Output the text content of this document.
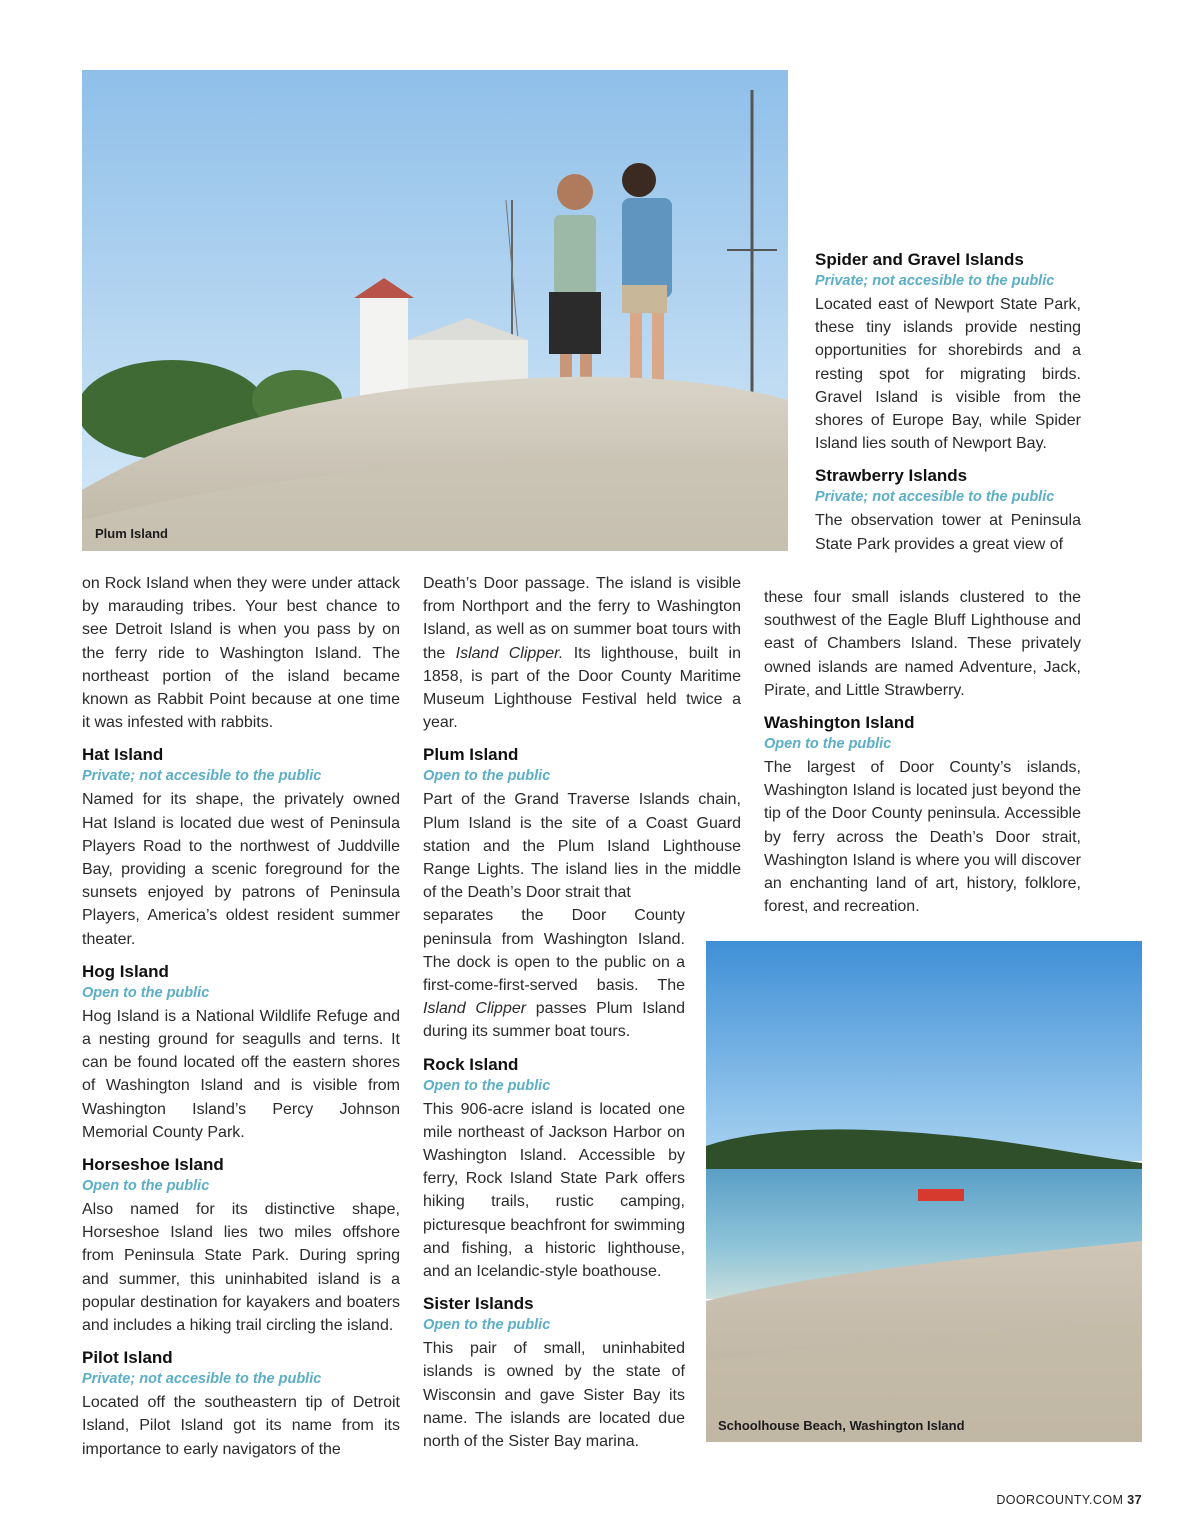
Plum Island

on Rock Island when they were under attack by marauding tribes. Your best chance to see Detroit Island is when you pass by on the ferry ride to Washington Island. The northeast portion of the island became known as Rabbit Point because at one time it was infested with rabbits.

Hat Island
Private; not accesible to the public

Named for its shape, the privately owned Hat Island is located due west of Peninsula Players Road to the northwest of Juddville Bay, providing a scenic foreground for the sunsets enjoyed by patrons of Peninsula Players, America’s oldest resident summer theater.

Hog Island
Open to the public

Hog Island is a National Wildlife Refuge and a nesting ground for seagulls and terns. It can be found located off the eastern shores of Washington Island and is visible from Washington Island’s Percy Johnson Memorial County Park.

Horseshoe Island
Open to the public

Also named for its distinctive shape, Horseshoe Island lies two miles offshore from Peninsula State Park. During spring and summer, this uninhabited island is a popular destination for kayakers and boaters and includes a hiking trail circling the island.

Pilot Island
Private; not accesible to the public

Located off the southeastern tip of Detroit Island, Pilot Island got its name from its importance to early navigators of the

Death’s Door passage. The island is visible from Northport and the ferry to Washington Island, as well as on summer boat tours with the Island Clipper. Its lighthouse, built in 1858, is part of the Door County Maritime Museum Lighthouse Festival held twice a year.

Plum Island
Open to the public

Part of the Grand Traverse Islands chain, Plum Island is the site of a Coast Guard station and the Plum Island Lighthouse Range Lights. The island lies in the middle of the Death’s Door strait that

separates the Door County peninsula from Washington Island. The dock is open to the public on a first-come-first-served basis. The Island Clipper passes Plum Island during its summer boat tours.

Rock Island
Open to the public

This 906-acre island is located one mile northeast of Jackson Harbor on Washington Island. Accessible by ferry, Rock Island State Park offers hiking trails, rustic camping, picturesque beachfront for swimming and fishing, a historic lighthouse, and an Icelandic-style boathouse.

Sister Islands
Open to the public

This pair of small, uninhabited islands is owned by the state of Wisconsin and gave Sister Bay its name. The islands are located due north of the Sister Bay marina.

Spider and Gravel Islands
Private; not accesible to the public

Located east of Newport State Park, these tiny islands provide nesting opportunities for shorebirds and a resting spot for migrating birds. Gravel Island is visible from the shores of Europe Bay, while Spider Island lies south of Newport Bay.

Strawberry Islands
Private; not accesible to the public

The observation tower at Peninsula State Park provides a great view of

these four small islands clustered to the southwest of the Eagle Bluff Lighthouse and east of Chambers Island. These privately owned islands are named Adventure, Jack, Pirate, and Little Strawberry.

Washington Island
Open to the public

The largest of Door County’s islands, Washington Island is located just beyond the tip of the Door County peninsula. Accessible by ferry across the Death’s Door strait, Washington Island is where you will discover an enchanting land of art, history, folklore, forest, and recreation.

Schoolhouse Beach, Washington Island
DOORCOUNTY.COM 37
